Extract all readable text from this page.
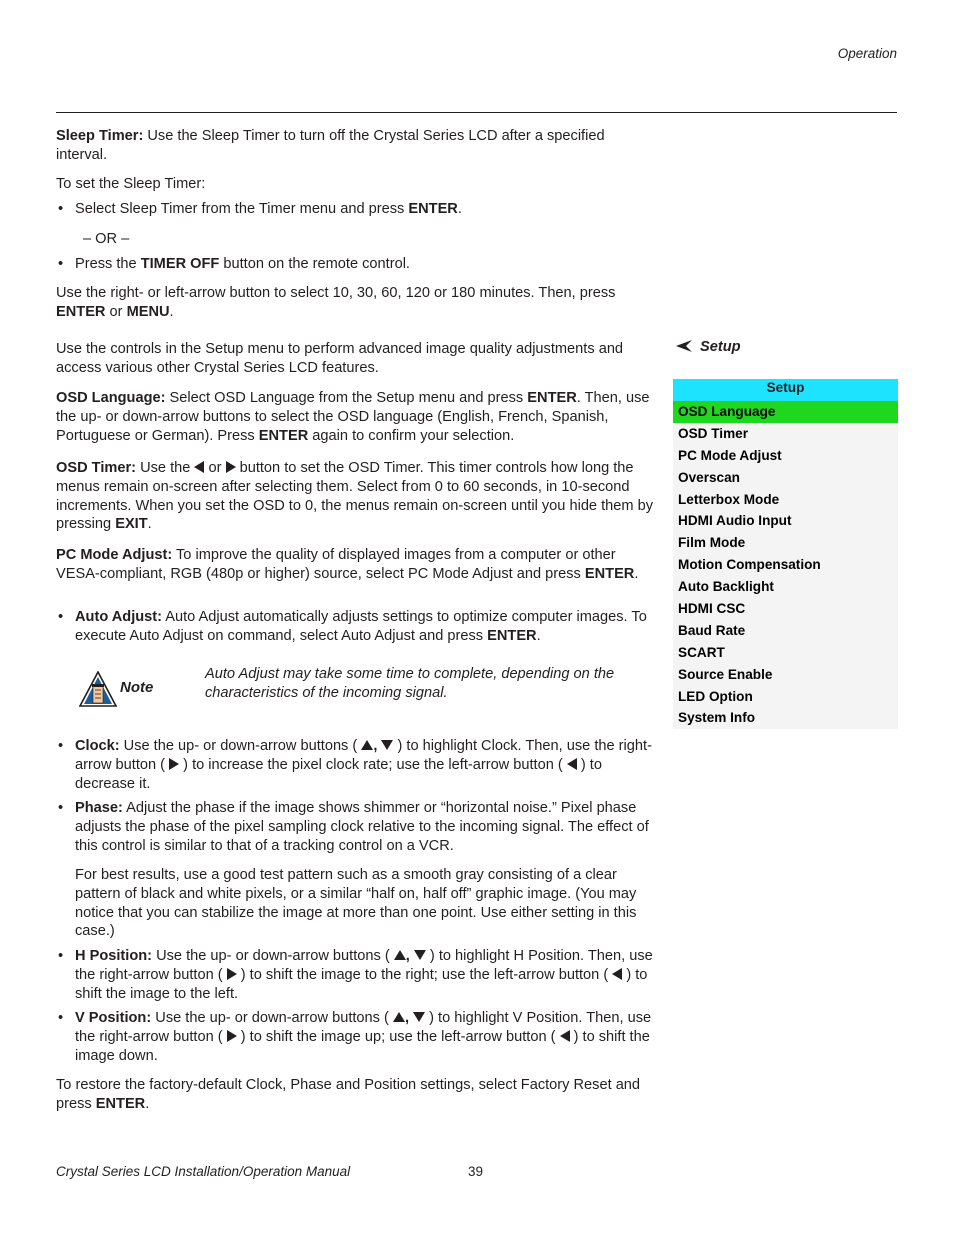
Operation

Sleep Timer: Use the Sleep Timer to turn off the Crystal Series LCD after a specified interval.

To set the Sleep Timer:

• Select Sleep Timer from the Timer menu and press ENTER.

– OR –

• Press the TIMER OFF button on the remote control.

Use the right- or left-arrow button to select 10, 30, 60, 120 or 180 minutes. Then, press ENTER or MENU.

Use the controls in the Setup menu to perform advanced image quality adjustments and access various other Crystal Series LCD features.

OSD Language: Select OSD Language from the Setup menu and press ENTER. Then, use the up- or down-arrow buttons to select the OSD language (English, French, Spanish, Portuguese or German). Press ENTER again to confirm your selection.

OSD Timer: Use the  or  button to set the OSD Timer. This timer controls how long the menus remain on-screen after selecting them. Select from 0 to 60 seconds, in 10-second increments. When you set the OSD to 0, the menus remain on-screen until you hide them by pressing EXIT.

PC Mode Adjust: To improve the quality of displayed images from a computer or other VESA-compliant, RGB (480p or higher) source, select PC Mode Adjust and press ENTER.

• Auto Adjust: Auto Adjust automatically adjusts settings to optimize computer images. To execute Auto Adjust on command, select Auto Adjust and press ENTER.

Note
Auto Adjust may take some time to complete, depending on the characteristics of the incoming signal.

• Clock: Use the up- or down-arrow buttons ( ,  ) to highlight Clock. Then, use the right-arrow button (  ) to increase the pixel clock rate; use the left-arrow button (  ) to decrease it.

• Phase: Adjust the phase if the image shows shimmer or “horizontal noise.” Pixel phase adjusts the phase of the pixel sampling clock relative to the incoming signal. The effect of this control is similar to that of a tracking control on a VCR.

For best results, use a good test pattern such as a smooth gray consisting of a clear pattern of black and white pixels, or a similar “half on, half off” graphic image. (You may notice that you can stabilize the image at more than one point. Use either setting in this case.)

• H Position: Use the up- or down-arrow buttons ( ,  ) to highlight H Position. Then, use the right-arrow button (  ) to shift the image to the right; use the left-arrow button (  ) to shift the image to the left.

• V Position: Use the up- or down-arrow buttons ( ,  ) to highlight V Position. Then, use the right-arrow button (  ) to shift the image up; use the left-arrow button (  ) to shift the image down.

To restore the factory-default Clock, Phase and Position settings, select Factory Reset and press ENTER.

Setup
Setup
OSD Language
OSD Timer
PC Mode Adjust
Overscan
Letterbox Mode
HDMI Audio Input
Film Mode
Motion Compensation
Auto Backlight
HDMI CSC
Baud Rate
SCART
Source Enable
LED Option
System Info
Crystal Series LCD Installation/Operation Manual	39
